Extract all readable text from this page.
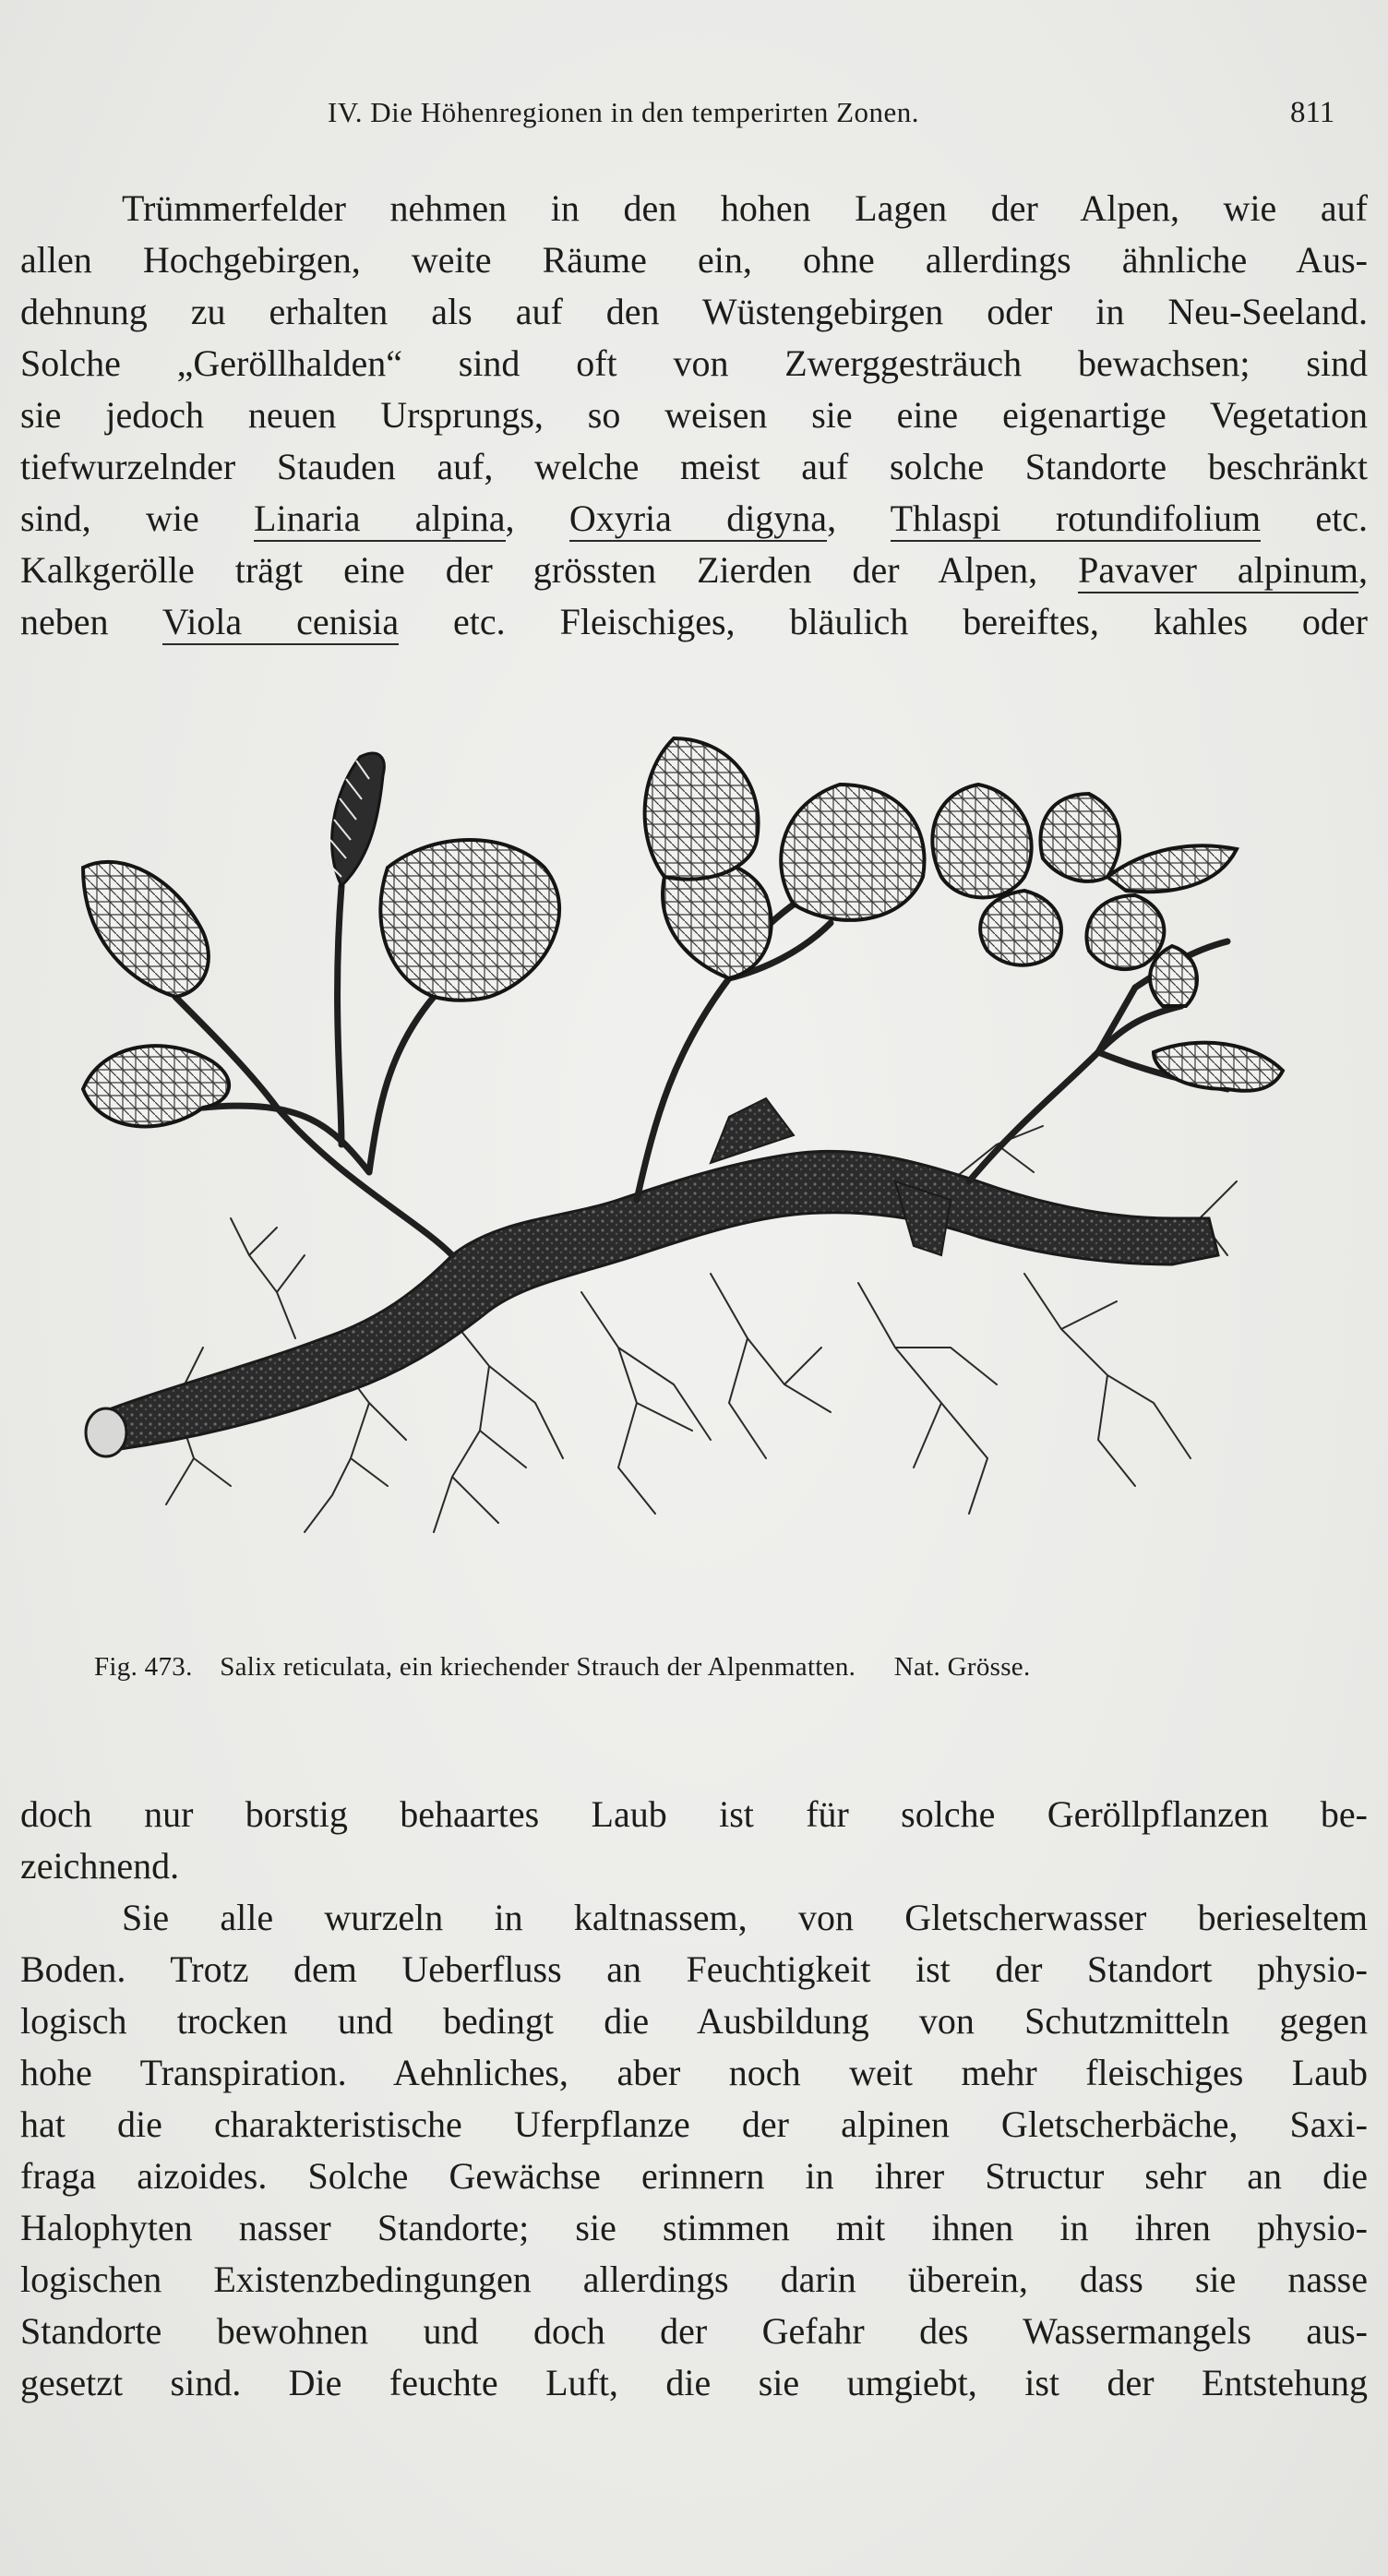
IV. Die Höhenregionen in den temperirten Zonen.	811
Trümmerfelder nehmen in den hohen Lagen der Alpen, wie auf
allen Hochgebirgen, weite Räume ein, ohne allerdings ähnliche Aus-
dehnung zu erhalten als auf den Wüstengebirgen oder in Neu-Seeland.
Solche „Geröllhalden“ sind oft von Zwerggesträuch bewachsen; sind
sie jedoch neuen Ursprungs, so weisen sie eine eigenartige Vegetation
tiefwurzelnder Stauden auf, welche meist auf solche Standorte beschränkt
sind, wie Linaria alpina, Oxyria digyna, Thlaspi rotundifolium etc.
Kalkgerölle trägt eine der grössten Zierden der Alpen, Pavaver alpinum,
neben Viola cenisia etc. Fleischiges, bläulich bereiftes, kahles oder
Fig. 473. Salix reticulata, ein kriechender Strauch der Alpenmatten. Nat. Grösse.
doch nur borstig behaartes Laub ist für solche Geröllpflanzen be-
zeichnend.
Sie alle wurzeln in kaltnassem, von Gletscherwasser berieseltem
Boden. Trotz dem Ueberfluss an Feuchtigkeit ist der Standort physio-
logisch trocken und bedingt die Ausbildung von Schutzmitteln gegen
hohe Transpiration. Aehnliches, aber noch weit mehr fleischiges Laub
hat die charakteristische Uferpflanze der alpinen Gletscherbäche, Saxi-
fraga aizoides. Solche Gewächse erinnern in ihrer Structur sehr an die
Halophyten nasser Standorte; sie stimmen mit ihnen in ihren physio-
logischen Existenzbedingungen allerdings darin überein, dass sie nasse
Standorte bewohnen und doch der Gefahr des Wassermangels aus-
gesetzt sind. Die feuchte Luft, die sie umgiebt, ist der Entstehung
